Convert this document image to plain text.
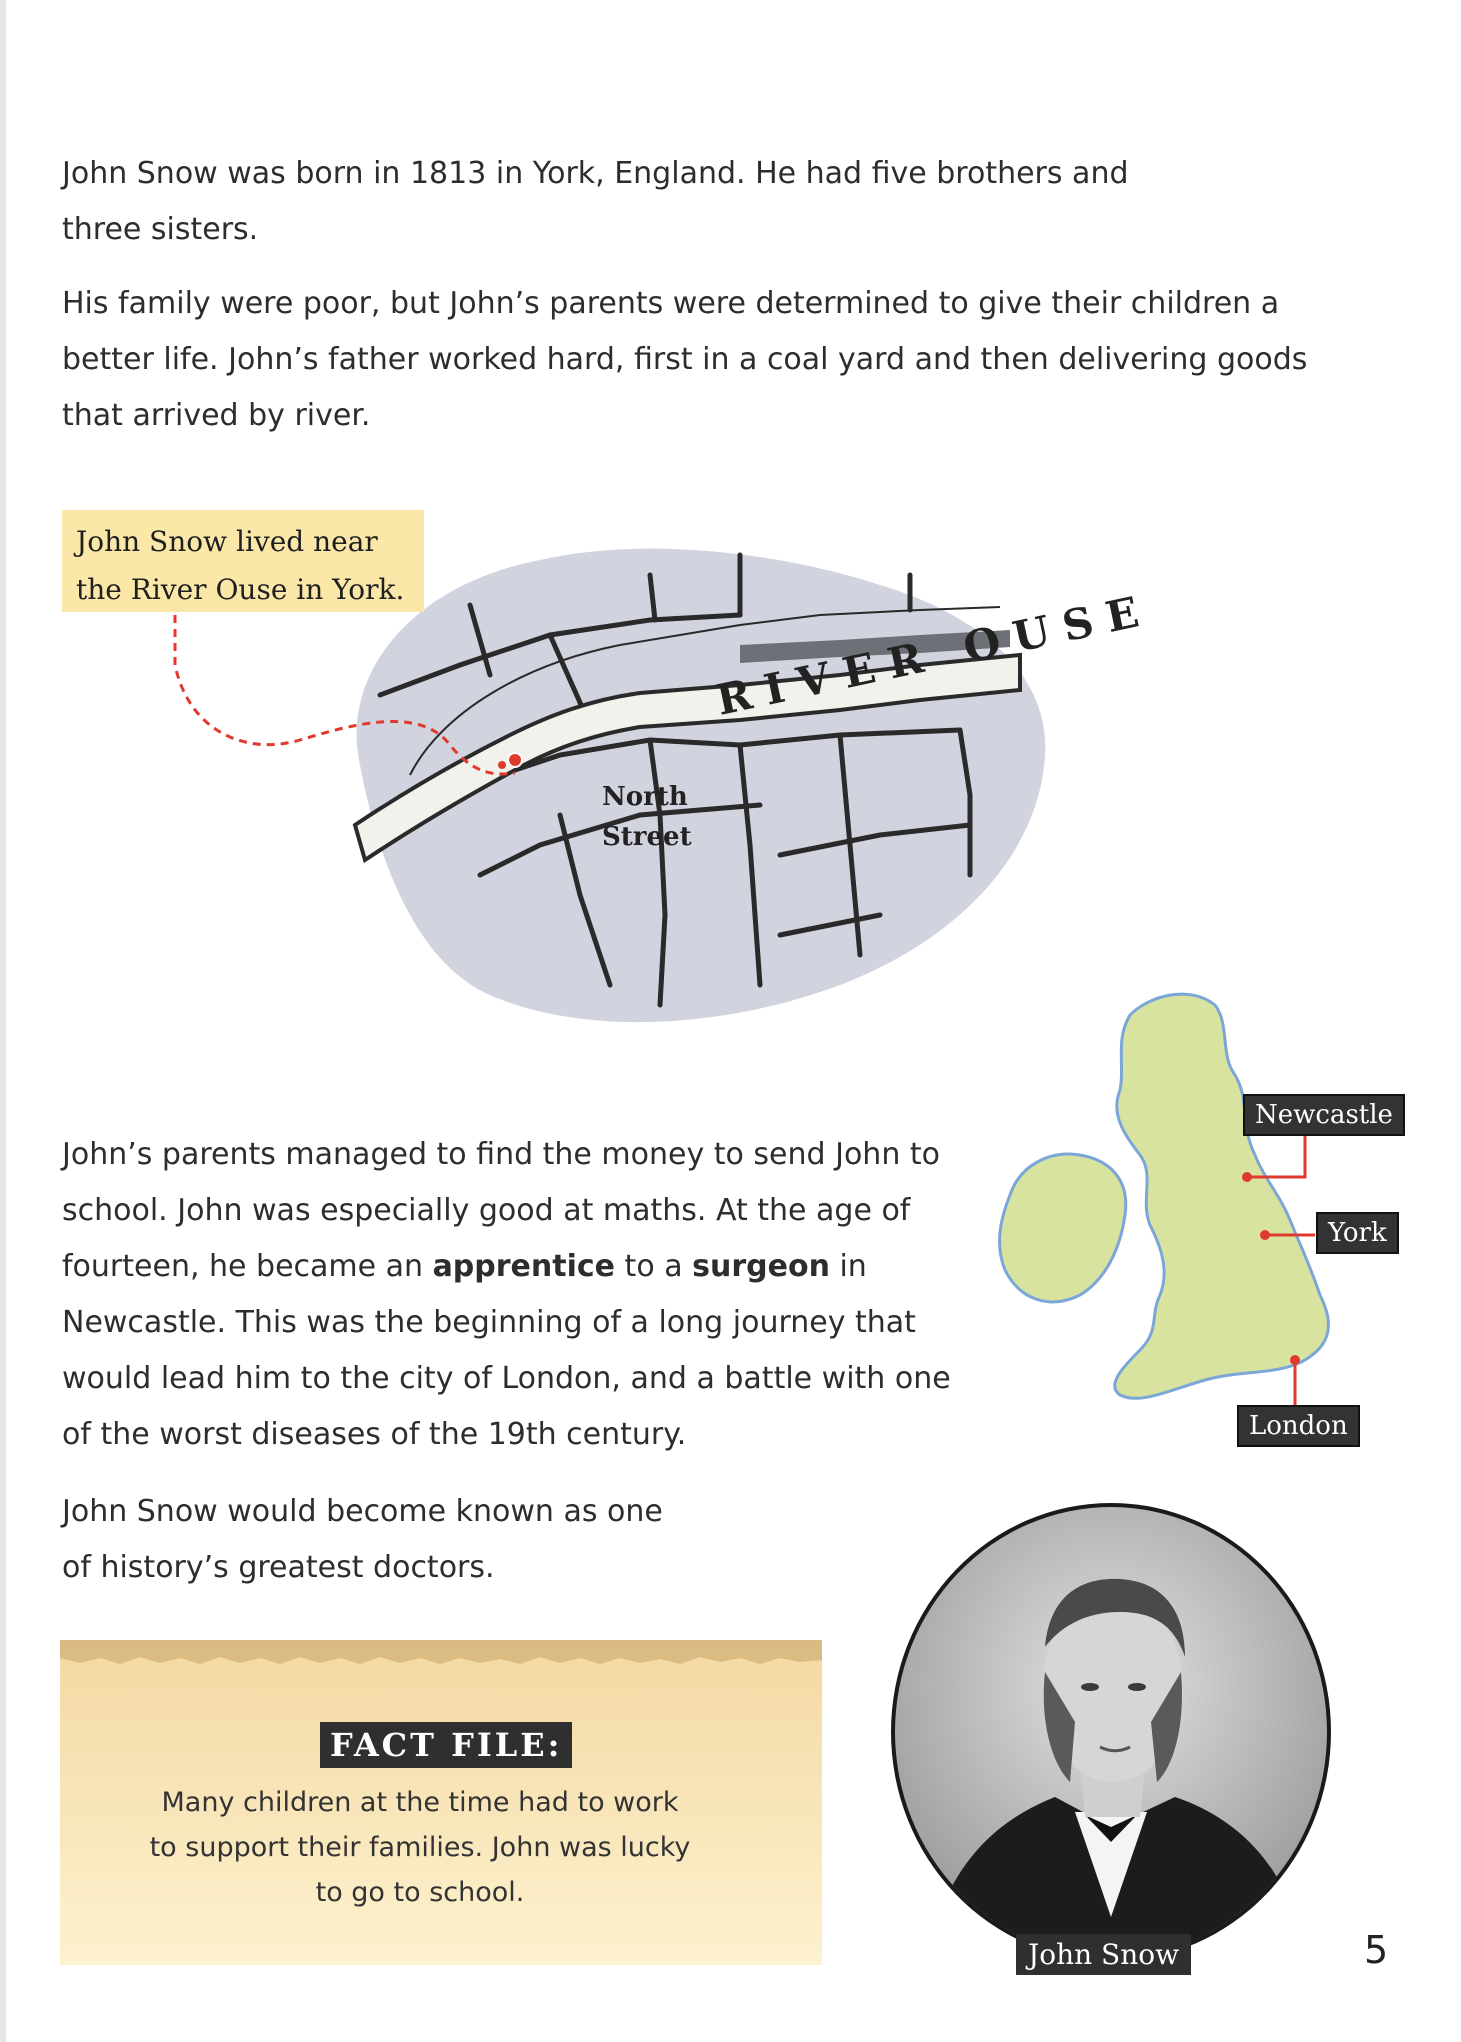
John Snow was born in 1813 in York, England. He had five brothers and three sisters.

His family were poor, but John’s parents were determined to give their children a better life. John’s father worked hard, first in a coal yard and then delivering goods that arrived by river.

RIVER OUSE
North
Street
John Snow lived near
the River Ouse in York.

John’s parents managed to find the money to send John to school. John was especially good at maths. At the age of fourteen, he became an apprentice to a surgeon in Newcastle. This was the beginning of a long journey that would lead him to the city of London, and a battle with one of the worst diseases of the 19th century.

John Snow would become known as one of history’s greatest doctors.

Newcastle
York
London
FACT FILE:
Many children at the time had to work
to support their families. John was lucky
to go to school.
John Snow	5
